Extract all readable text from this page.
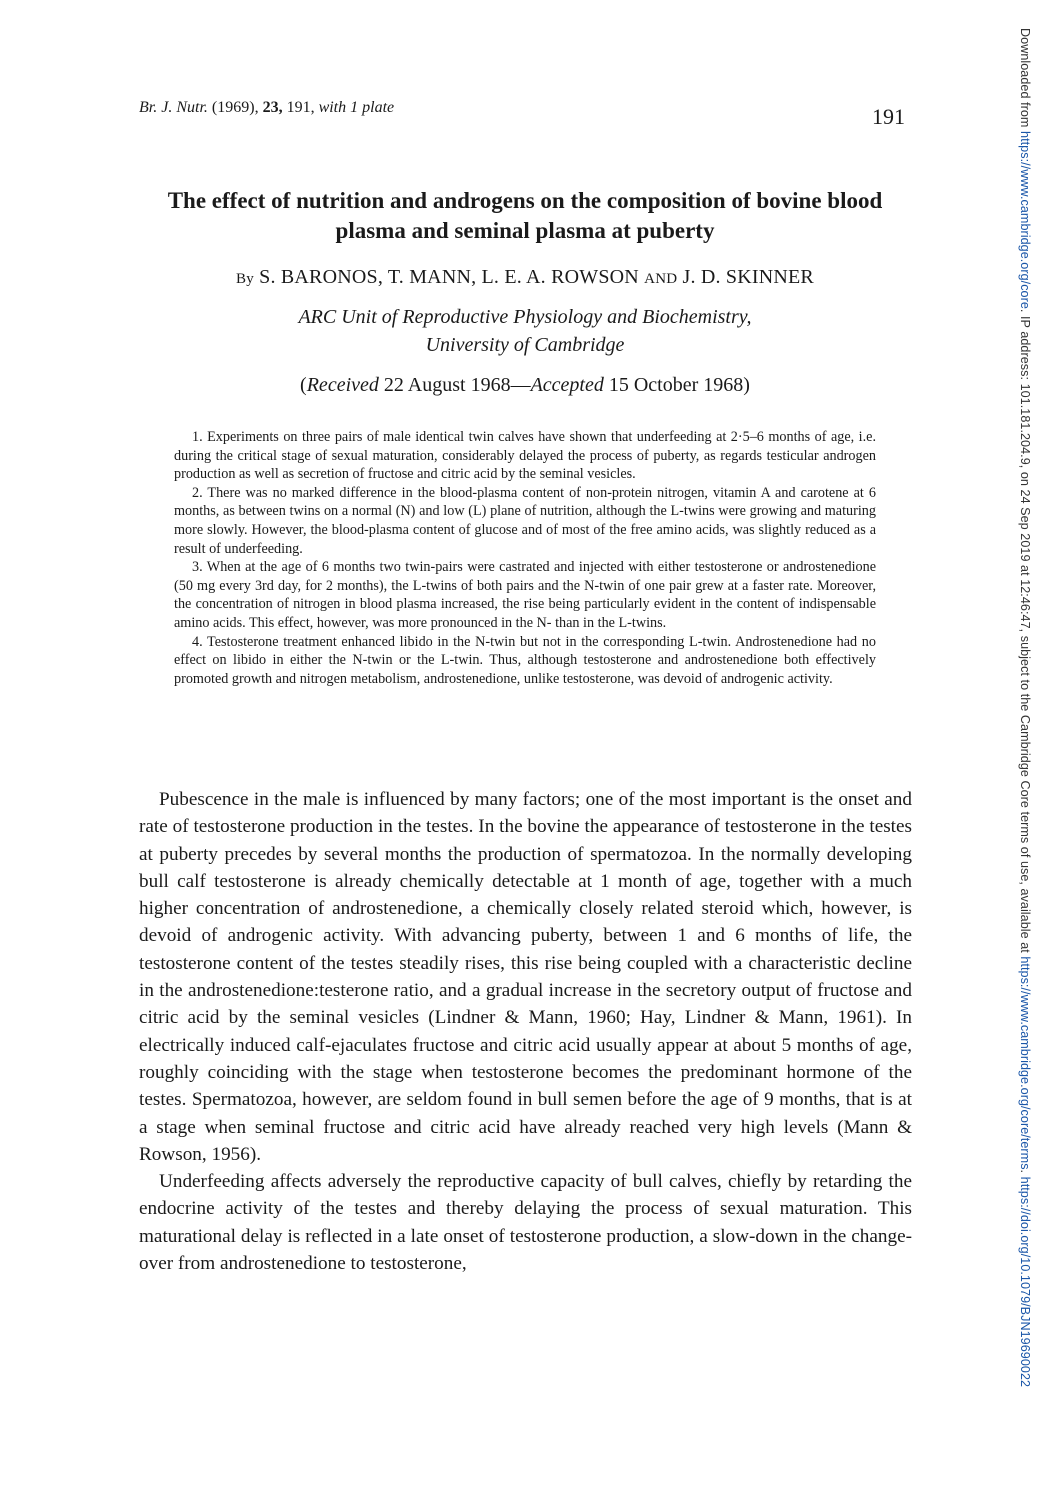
Br. J. Nutr. (1969), 23, 191, with 1 plate	191
The effect of nutrition and androgens on the composition of bovine blood plasma and seminal plasma at puberty
By S. BARONOS, T. MANN, L. E. A. ROWSON AND J. D. SKINNER
ARC Unit of Reproductive Physiology and Biochemistry,
University of Cambridge
(Received 22 August 1968—Accepted 15 October 1968)

1. Experiments on three pairs of male identical twin calves have shown that underfeeding at 2·5–6 months of age, i.e. during the critical stage of sexual maturation, considerably delayed the process of puberty, as regards testicular androgen production as well as secretion of fructose and citric acid by the seminal vesicles.

2. There was no marked difference in the blood-plasma content of non-protein nitrogen, vitamin A and carotene at 6 months, as between twins on a normal (N) and low (L) plane of nutrition, although the L-twins were growing and maturing more slowly. However, the blood-plasma content of glucose and of most of the free amino acids, was slightly reduced as a result of underfeeding.

3. When at the age of 6 months two twin-pairs were castrated and injected with either testosterone or androstenedione (50 mg every 3rd day, for 2 months), the L-twins of both pairs and the N-twin of one pair grew at a faster rate. Moreover, the concentration of nitrogen in blood plasma increased, the rise being particularly evident in the content of indispensable amino acids. This effect, however, was more pronounced in the N- than in the L-twins.

4. Testosterone treatment enhanced libido in the N-twin but not in the corresponding L-twin. Androstenedione had no effect on libido in either the N-twin or the L-twin. Thus, although testosterone and androstenedione both effectively promoted growth and nitrogen metabolism, androstenedione, unlike testosterone, was devoid of androgenic activity.

Pubescence in the male is influenced by many factors; one of the most important is the onset and rate of testosterone production in the testes. In the bovine the appearance of testosterone in the testes at puberty precedes by several months the production of spermatozoa. In the normally developing bull calf testosterone is already chemically detectable at 1 month of age, together with a much higher concentration of androstenedione, a chemically closely related steroid which, however, is devoid of androgenic activity. With advancing puberty, between 1 and 6 months of life, the testosterone content of the testes steadily rises, this rise being coupled with a characteristic decline in the androstenedione:testerone ratio, and a gradual increase in the secretory output of fructose and citric acid by the seminal vesicles (Lindner & Mann, 1960; Hay, Lindner & Mann, 1961). In electrically induced calf-ejaculates fructose and citric acid usually appear at about 5 months of age, roughly coinciding with the stage when testosterone becomes the predominant hormone of the testes. Spermatozoa, however, are seldom found in bull semen before the age of 9 months, that is at a stage when seminal fructose and citric acid have already reached very high levels (Mann & Rowson, 1956).

Underfeeding affects adversely the reproductive capacity of bull calves, chiefly by retarding the endocrine activity of the testes and thereby delaying the process of sexual maturation. This maturational delay is reflected in a late onset of testosterone production, a slow-down in the change-over from androstenedione to testosterone,

Downloaded from https://www.cambridge.org/core. IP address: 101.181.204.9, on 24 Sep 2019 at 12:46:47, subject to the Cambridge Core terms of use, available at https://www.cambridge.org/core/terms. https://doi.org/10.1079/BJN19690022
